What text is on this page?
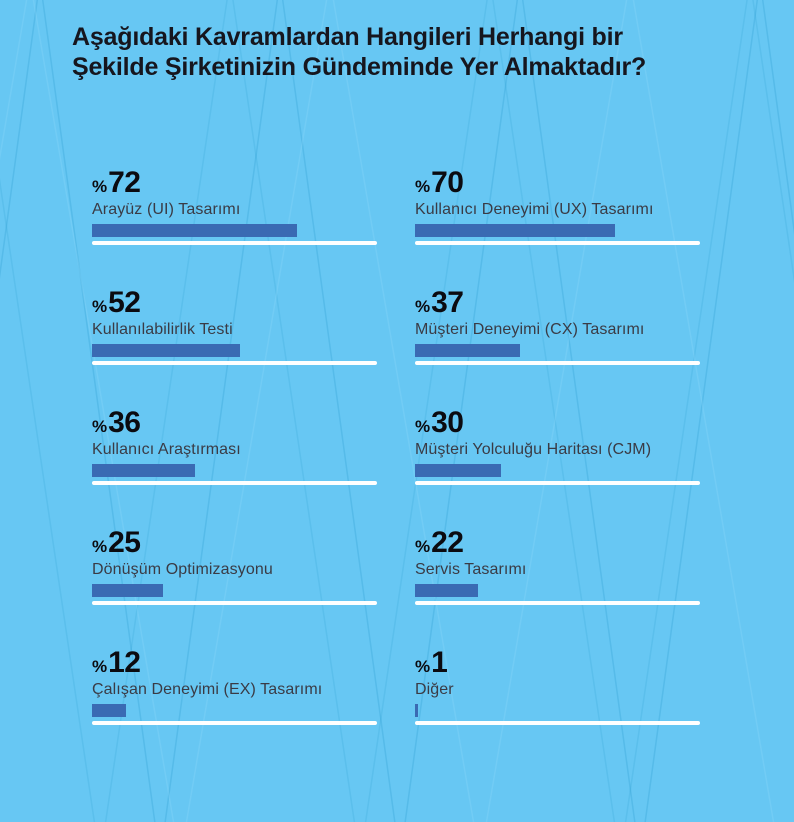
Aşağıdaki Kavramlardan Hangileri Herhangi bir
Şekilde Şirketinizin Gündeminde Yer Almaktadır?
%72
Arayüz (UI) Tasarımı
%70
Kullanıcı Deneyimi (UX) Tasarımı
%52
Kullanılabilirlik Testi
%37
Müşteri Deneyimi (CX) Tasarımı
%36
Kullanıcı Araştırması
%30
Müşteri Yolculuğu Haritası (CJM)
%25
Dönüşüm Optimizasyonu
%22
Servis Tasarımı
%12
Çalışan Deneyimi (EX) Tasarımı
%1
Diğer
